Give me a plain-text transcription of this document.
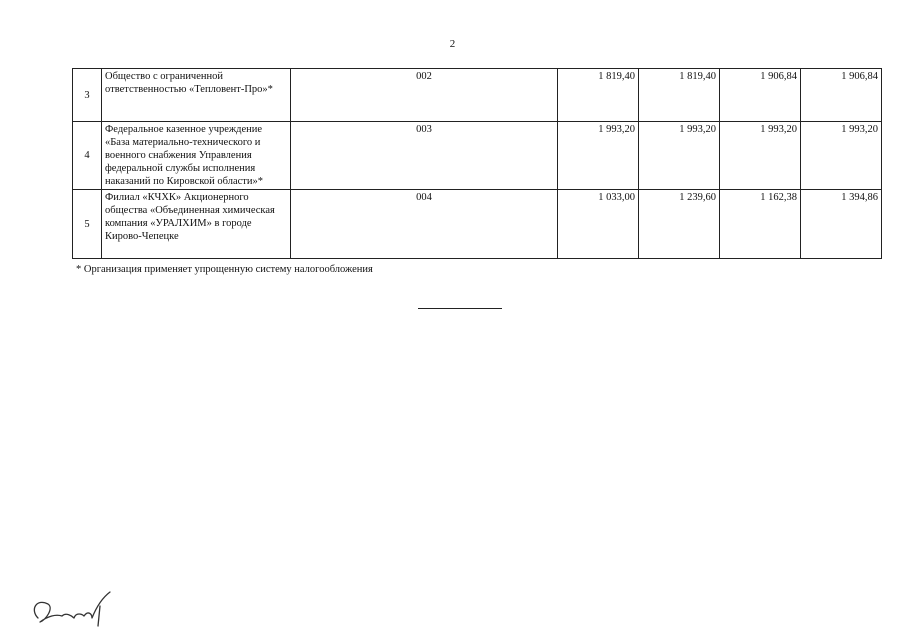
2
3	Общество с ограниченной ответственностью «Тепловент-Про»*	002	1 819,40	1 819,40	1 906,84	1 906,84
4	Федеральное казенное учреждение «База материально-технического и военного снабжения Управления федеральной службы исполнения наказаний по Кировской области»*	003	1 993,20	1 993,20	1 993,20	1 993,20
5	Филиал «КЧХК» Акционерного общества «Объединенная химическая компания «УРАЛХИМ» в городе Кирово-Чепецке	004	1 033,00	1 239,60	1 162,38	1 394,86
* Организация применяет упрощенную систему налогообложения
